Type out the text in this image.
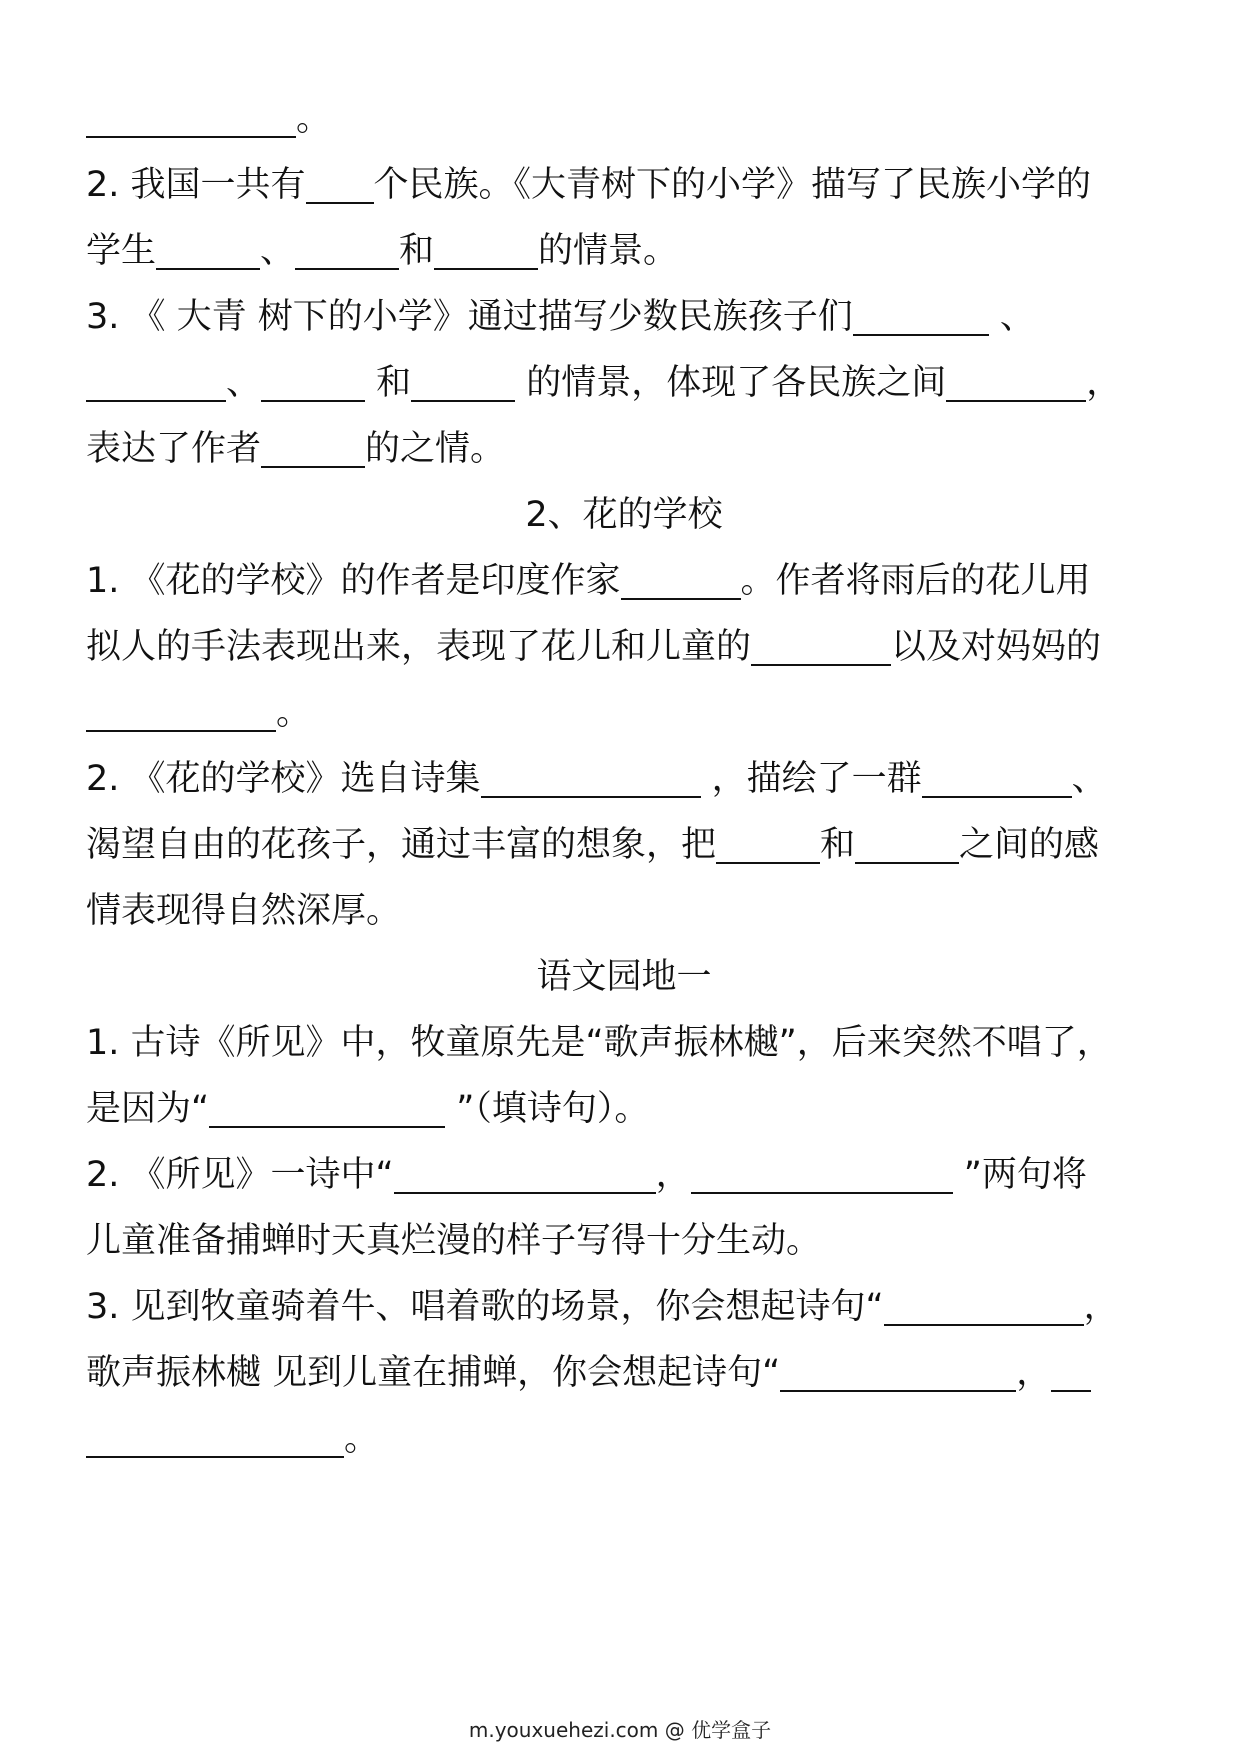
。
2. 我国一共有 个民族。《大青树下的小学》描写了民族小学的
学生	、	和	的情景。
3. 《 大青 树下的小学》通过描写少数民族孩子们	、
、	和	的情景，体现了各民族之间	，
表达了作者	的之情。
2、花的学校
1. 《花的学校》的作者是印度作家	。作者将雨后的花儿用
拟人的手法表现出来，表现了花儿和儿童的	以及对妈妈的
。
2. 《花的学校》选自诗集	，描绘了一群	、
渴望自由的花孩子，通过丰富的想象，把	和	之间的感
情表现得自然深厚。
语文园地一
1. 古诗《所见》中，牧童原先是“歌声振林樾”，后来突然不唱了，
是因为“	”（填诗句）。
2. 《所见》一诗中“	，	”两句将
儿童准备捕蝉时天真烂漫的样子写得十分生动。
3. 见到牧童骑着牛、唱着歌的场景，你会想起诗句“	，
歌声振林樾 见到儿童在捕蝉，你会想起诗句“	，
。
m.youxuehezi.com @ 优学盒子
